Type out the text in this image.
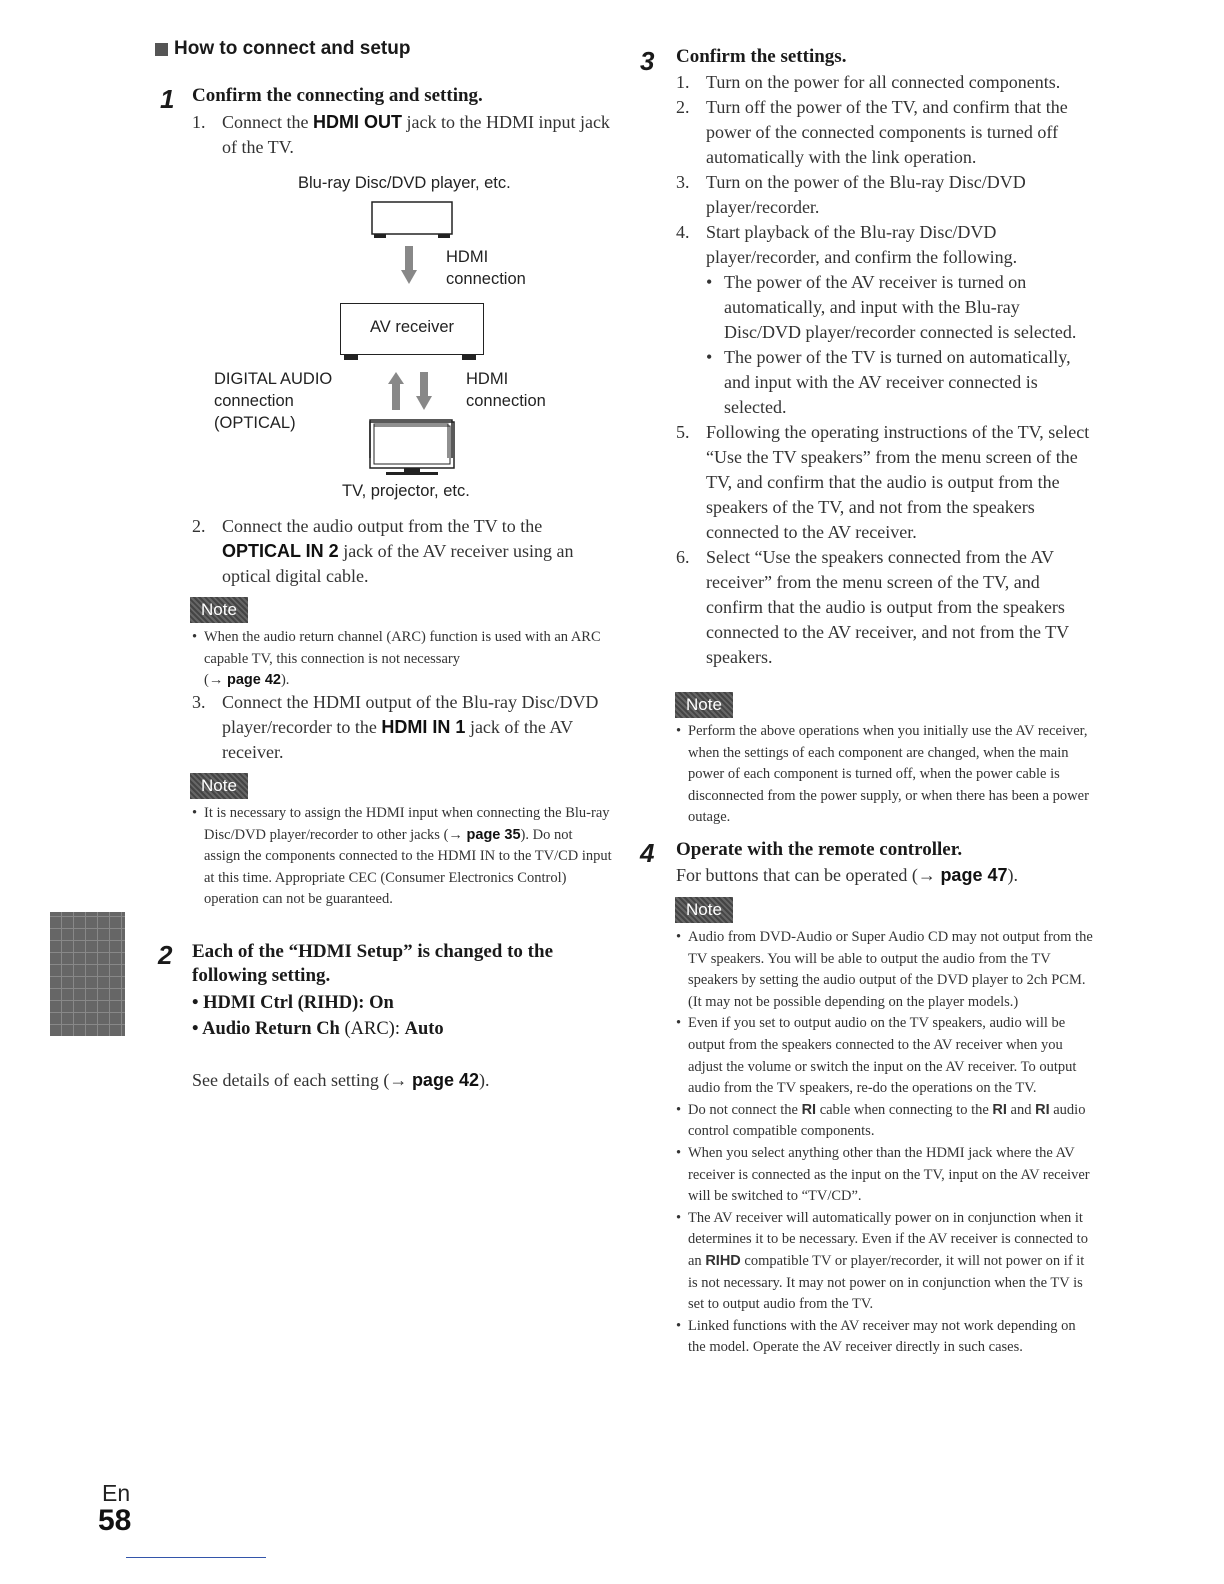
How to connect and setup
1 Confirm the connecting and setting.
1. Connect the HDMI OUT jack to the HDMI input jack of the TV.
Blu-ray Disc/DVD player, etc.
HDMI
connection
AV receiver
DIGITAL AUDIO
connection
(OPTICAL)
HDMI
connection
TV, projector, etc.
2. Connect the audio output from the TV to the OPTICAL IN 2 jack of the AV receiver using an optical digital cable.
Note
• When the audio return channel (ARC) function is used with an ARC capable TV, this connection is not necessary
(→ page 42).
3. Connect the HDMI output of the Blu-ray Disc/DVD player/recorder to the HDMI IN 1 jack of the AV receiver.
Note
• It is necessary to assign the HDMI input when connecting the Blu-ray Disc/DVD player/recorder to other jacks (→ page 35). Do not assign the components connected to the HDMI IN to the TV/CD input at this time. Appropriate CEC (Consumer Electronics Control) operation can not be guaranteed.
2 Each of the “HDMI Setup” is changed to the following setting.
• HDMI Ctrl (RIHD): On
• Audio Return Ch (ARC): Auto
See details of each setting (→ page 42).
En
58
3 Confirm the settings.
1. Turn on the power for all connected components.
2. Turn off the power of the TV, and confirm that the power of the connected components is turned off automatically with the link operation.
3. Turn on the power of the Blu-ray Disc/DVD player/recorder.
4. Start playback of the Blu-ray Disc/DVD player/recorder, and confirm the following.
• The power of the AV receiver is turned on automatically, and input with the Blu-ray Disc/DVD player/recorder connected is selected.
• The power of the TV is turned on automatically, and input with the AV receiver connected is selected.
5. Following the operating instructions of the TV, select “Use the TV speakers” from the menu screen of the TV, and confirm that the audio is output from the speakers of the TV, and not from the speakers connected to the AV receiver.
6. Select “Use the speakers connected from the AV receiver” from the menu screen of the TV, and confirm that the audio is output from the speakers connected to the AV receiver, and not from the TV speakers.
Note
• Perform the above operations when you initially use the AV receiver, when the settings of each component are changed, when the main power of each component is turned off, when the power cable is disconnected from the power supply, or when there has been a power outage.
4 Operate with the remote controller.
For buttons that can be operated (→ page 47).
Note
• Audio from DVD-Audio or Super Audio CD may not output from the TV speakers. You will be able to output the audio from the TV speakers by setting the audio output of the DVD player to 2ch PCM. (It may not be possible depending on the player models.)
• Even if you set to output audio on the TV speakers, audio will be output from the speakers connected to the AV receiver when you adjust the volume or switch the input on the AV receiver. To output audio from the TV speakers, re-do the operations on the TV.
• Do not connect the RI cable when connecting to the RI and RI audio control compatible components.
• When you select anything other than the HDMI jack where the AV receiver is connected as the input on the TV, input on the AV receiver will be switched to “TV/CD”.
• The AV receiver will automatically power on in conjunction when it determines it to be necessary. Even if the AV receiver is connected to an RIHD compatible TV or player/recorder, it will not power on if it is not necessary. It may not power on in conjunction when the TV is set to output audio from the TV.
• Linked functions with the AV receiver may not work depending on the model. Operate the AV receiver directly in such cases.
